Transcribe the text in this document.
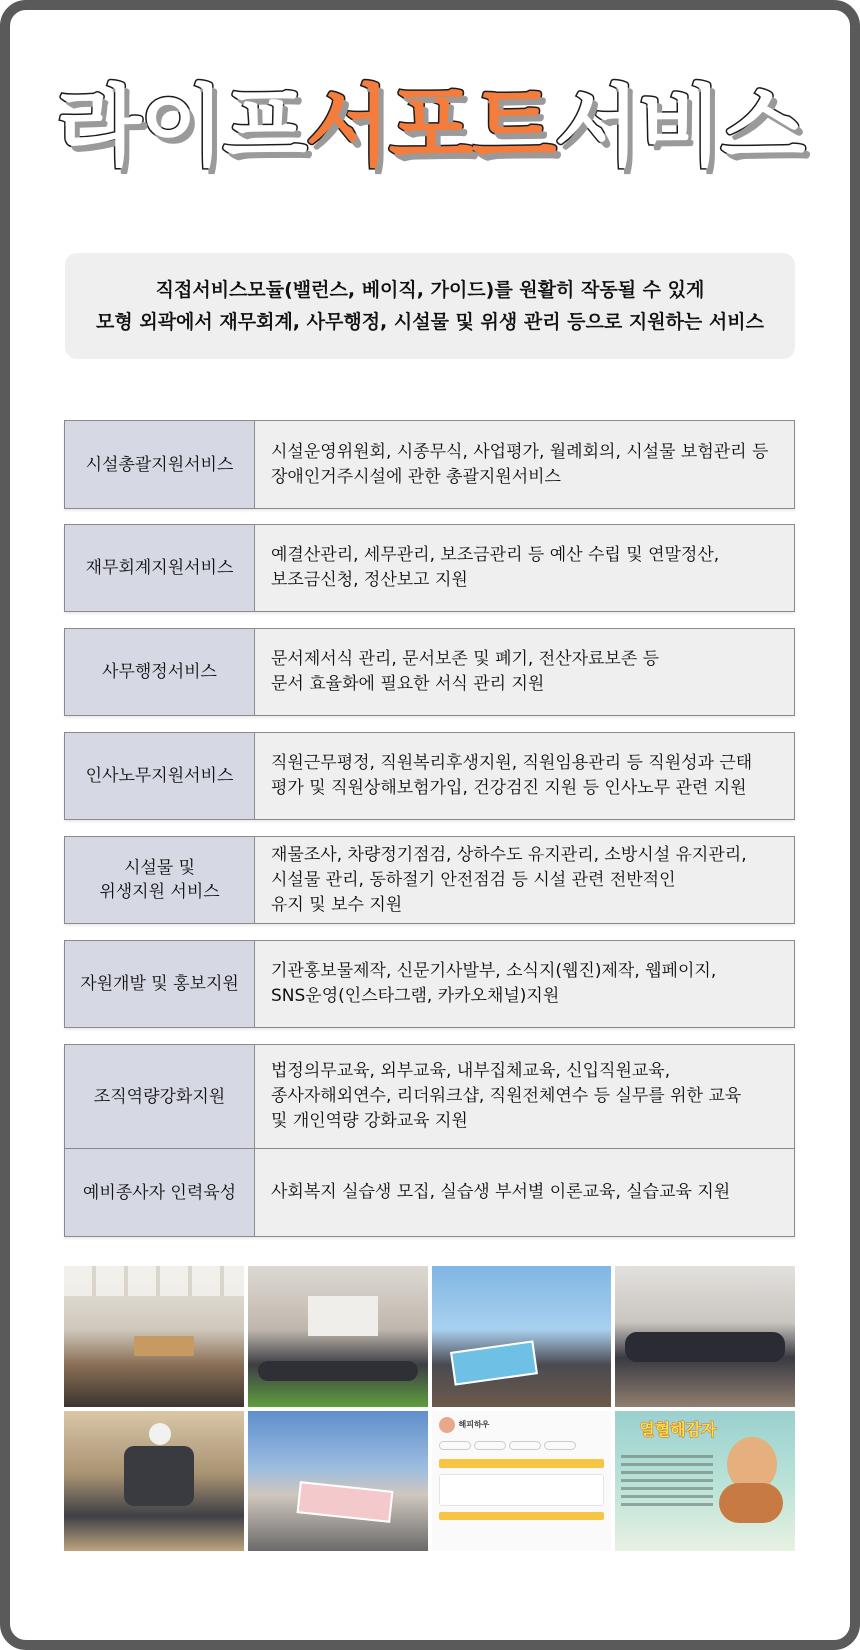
라이프서포트서비스
직접서비스모듈(밸런스, 베이직, 가이드)를 원활히 작동될 수 있게
모형 외곽에서 재무회계, 사무행정, 시설물 및 위생 관리 등으로 지원하는 서비스
시설총괄지원서비스
시설운영위원회, 시종무식, 사업평가, 월례회의, 시설물 보험관리 등
장애인거주시설에 관한 총괄지원서비스
재무회계지원서비스
예결산관리, 세무관리, 보조금관리 등 예산 수립 및 연말정산,
보조금신청, 정산보고 지원
사무행정서비스
문서제서식 관리, 문서보존 및 폐기, 전산자료보존 등
문서 효율화에 필요한 서식 관리 지원
인사노무지원서비스
직원근무평정, 직원복리후생지원, 직원임용관리 등 직원성과 근태
평가 및 직원상해보험가입, 건강검진 지원 등 인사노무 관련 지원
시설물 및
위생지원 서비스
재물조사, 차량정기점검, 상하수도 유지관리, 소방시설 유지관리,
시설물 관리, 동하절기 안전점검 등 시설 관련 전반적인
유지 및 보수 지원
자원개발 및 홍보지원
기관홍보물제작, 신문기사발부, 소식지(웹진)제작, 웹페이지,
SNS운영(인스타그램, 카카오채널)지원
조직역량강화지원
법정의무교육, 외부교육, 내부집체교육, 신입직원교육,
종사자해외연수, 리더워크샵, 직원전체연수 등 실무를 위한 교육
및 개인역량 강화교육 지원
예비종사자 인력육성	사회복지 실습생 모집, 실습생 부서별 이론교육, 실습교육 지원
해피하우	열혈해감자
